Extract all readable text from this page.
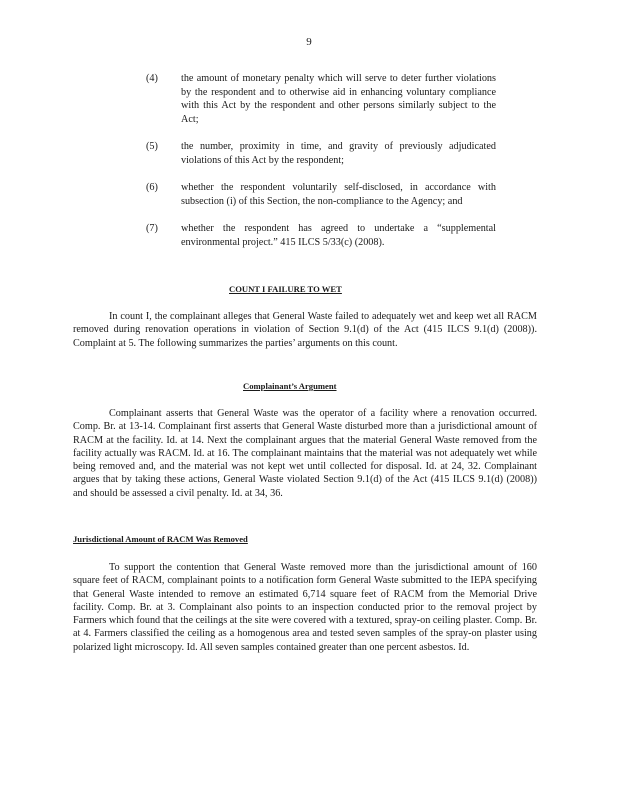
9
(4)	the amount of monetary penalty which will serve to deter further violations by the respondent and to otherwise aid in enhancing voluntary compliance with this Act by the respondent and other persons similarly subject to the Act;
(5)	the number, proximity in time, and gravity of previously adjudicated violations of this Act by the respondent;
(6)	whether the respondent voluntarily self-disclosed, in accordance with subsection (i) of this Section, the non-compliance to the Agency; and
(7)	whether the respondent has agreed to undertake a “supplemental environmental project.” 415 ILCS 5/33(c) (2008).
COUNT I FAILURE TO WET
In count I, the complainant alleges that General Waste failed to adequately wet and keep wet all RACM removed during renovation operations in violation of Section 9.1(d) of the Act (415 ILCS 9.1(d) (2008)). Complaint at 5. The following summarizes the parties’ arguments on this count.
Complainant’s Argument
Complainant asserts that General Waste was the operator of a facility where a renovation occurred. Comp. Br. at 13-14. Complainant first asserts that General Waste disturbed more than a jurisdictional amount of RACM at the facility. Id. at 14. Next the complainant argues that the material General Waste removed from the facility actually was RACM. Id. at 16. The complainant maintains that the material was not adequately wet while being removed and, and the material was not kept wet until collected for disposal. Id. at 24, 32. Complainant argues that by taking these actions, General Waste violated Section 9.1(d) of the Act (415 ILCS 9.1(d) (2008)) and should be assessed a civil penalty. Id. at 34, 36.
Jurisdictional Amount of RACM Was Removed
To support the contention that General Waste removed more than the jurisdictional amount of 160 square feet of RACM, complainant points to a notification form General Waste submitted to the IEPA specifying that General Waste intended to remove an estimated 6,714 square feet of RACM from the Memorial Drive facility. Comp. Br. at 3. Complainant also points to an inspection conducted prior to the removal project by Farmers which found that the ceilings at the site were covered with a textured, spray-on ceiling plaster. Comp. Br. at 4. Farmers classified the ceiling as a homogenous area and tested seven samples of the spray-on plaster using polarized light microscopy. Id. All seven samples contained greater than one percent asbestos. Id.
